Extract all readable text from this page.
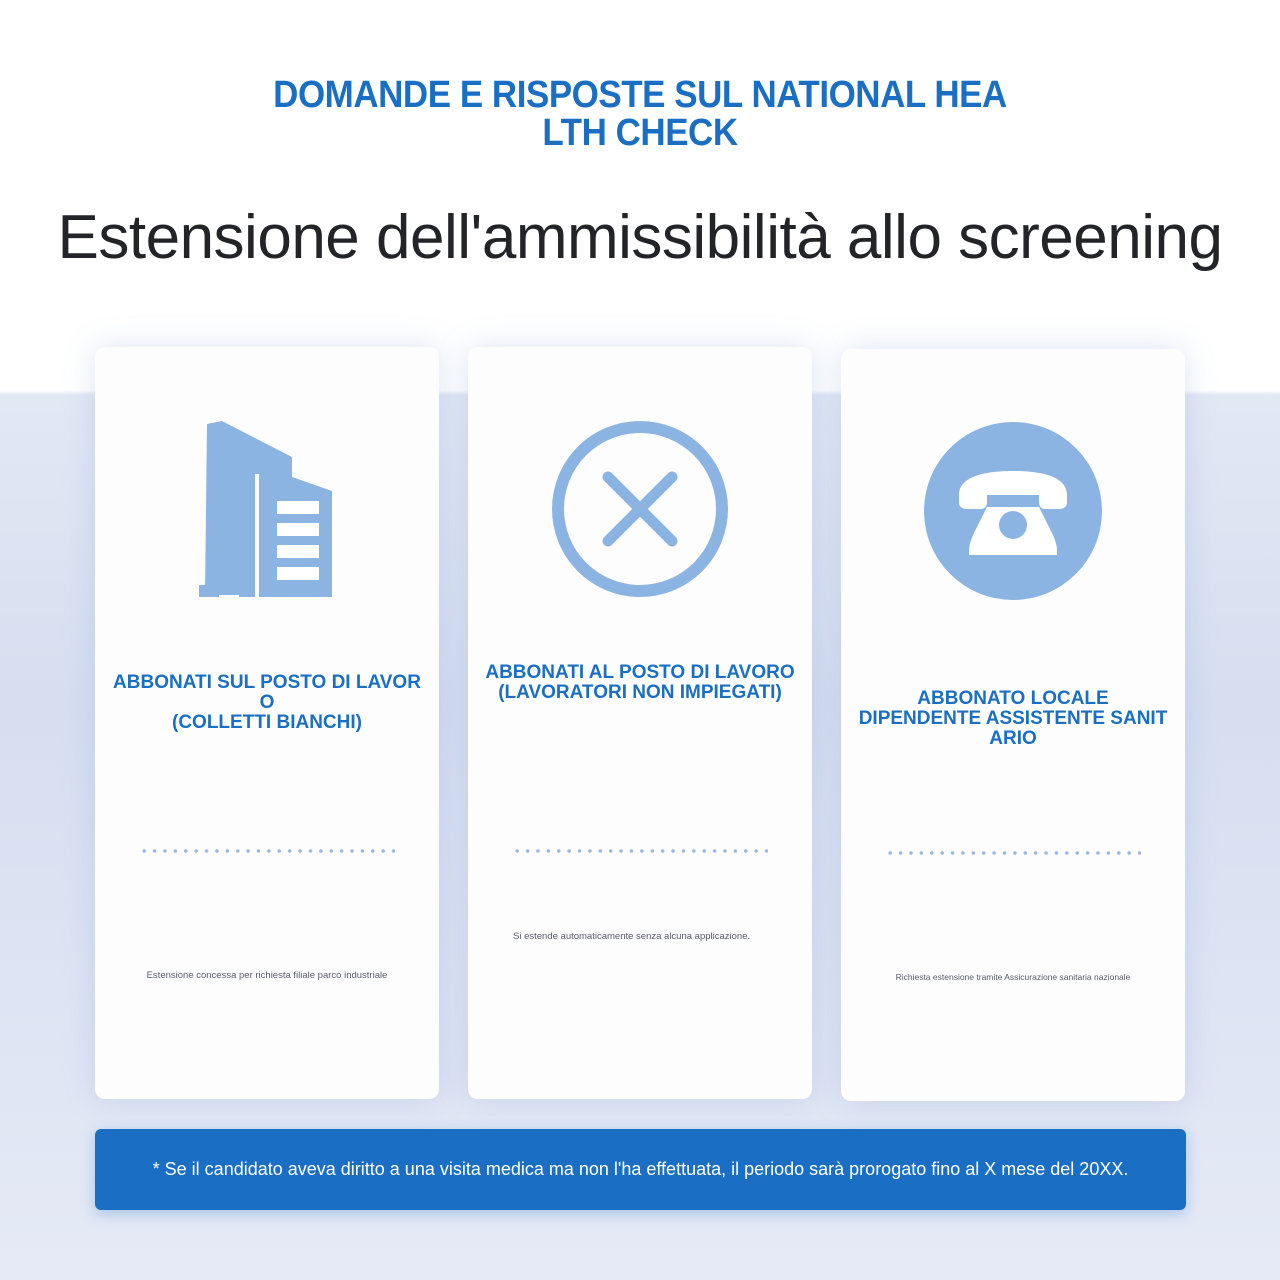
DOMANDE E RISPOSTE SUL NATIONAL HEALTH CHECK
Estensione dell'ammissibilità allo screening
ABBONATI SUL POSTO DI LAVORO
(COLLETTI BIANCHI)
Estensione concessa per richiesta filiale parco industriale
ABBONATI AL POSTO DI LAVORO
(LAVORATORI NON IMPIEGATI)
Si estende automaticamente senza alcuna applicazione.
ABBONATO LOCALE
DIPENDENTE ASSISTENTE SANITARIO
Richiesta estensione tramite Assicurazione sanitaria nazionale
* Se il candidato aveva diritto a una visita medica ma non l'ha effettuata, il periodo sarà prorogato fino al X mese del 20XX.
